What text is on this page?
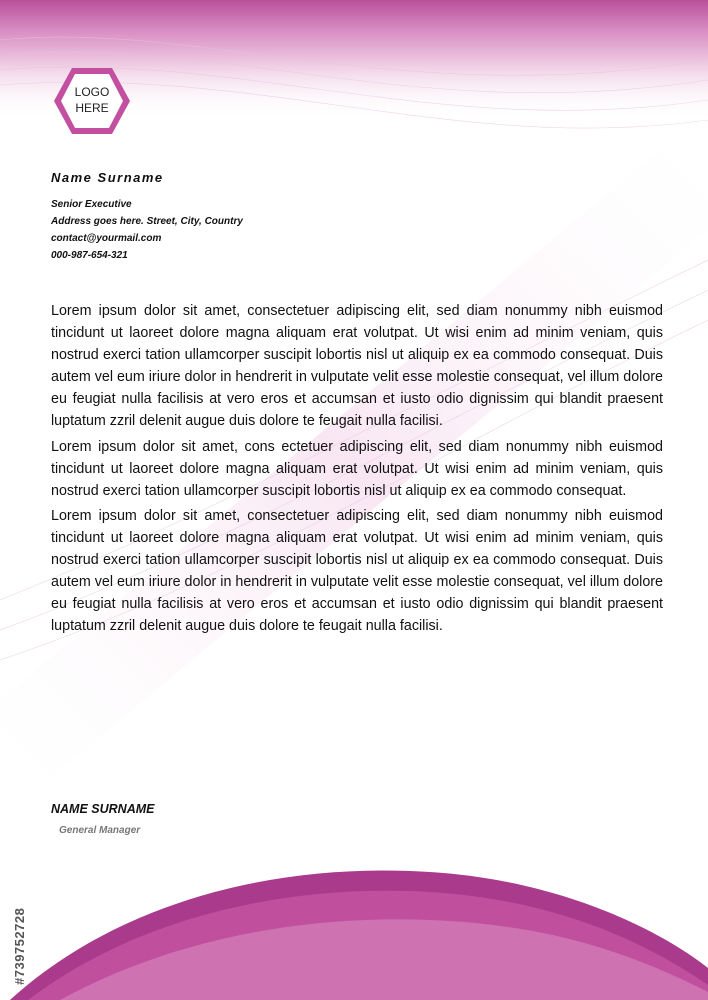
LOGO
HERE
Name Surname
Senior Executive
Address goes here. Street, City, Country
contact@yourmail.com
000-987-654-321

Lorem ipsum dolor sit amet, consectetuer adipiscing elit, sed diam nonummy nibh euismod tincidunt ut laoreet dolore magna aliquam erat volutpat. Ut wisi enim ad minim veniam, quis nostrud exerci tation ullamcorper suscipit lobortis nisl ut aliquip ex ea commodo consequat. Duis autem vel eum iriure dolor in hendrerit in vulputate velit esse molestie consequat, vel illum dolore eu feugiat nulla facilisis at vero eros et accumsan et iusto odio dignissim qui blandit praesent luptatum zzril delenit augue duis dolore te feugait nulla facilisi.

Lorem ipsum dolor sit amet, cons ectetuer adipiscing elit, sed diam nonummy nibh euismod tincidunt ut laoreet dolore magna aliquam erat volutpat. Ut wisi enim ad minim veniam, quis nostrud exerci tation ullamcorper suscipit lobortis nisl ut aliquip ex ea commodo consequat.

Lorem ipsum dolor sit amet, consectetuer adipiscing elit, sed diam nonummy nibh euismod tincidunt ut laoreet dolore magna aliquam erat volutpat. Ut wisi enim ad minim veniam, quis nostrud exerci tation ullamcorper suscipit lobortis nisl ut aliquip ex ea commodo consequat. Duis autem vel eum iriure dolor in hendrerit in vulputate velit esse molestie consequat, vel illum dolore eu feugiat nulla facilisis at vero eros et accumsan et iusto odio dignissim qui blandit praesent luptatum zzril delenit augue duis dolore te feugait nulla facilisi.

NAME SURNAME
General Manager
#739752728
